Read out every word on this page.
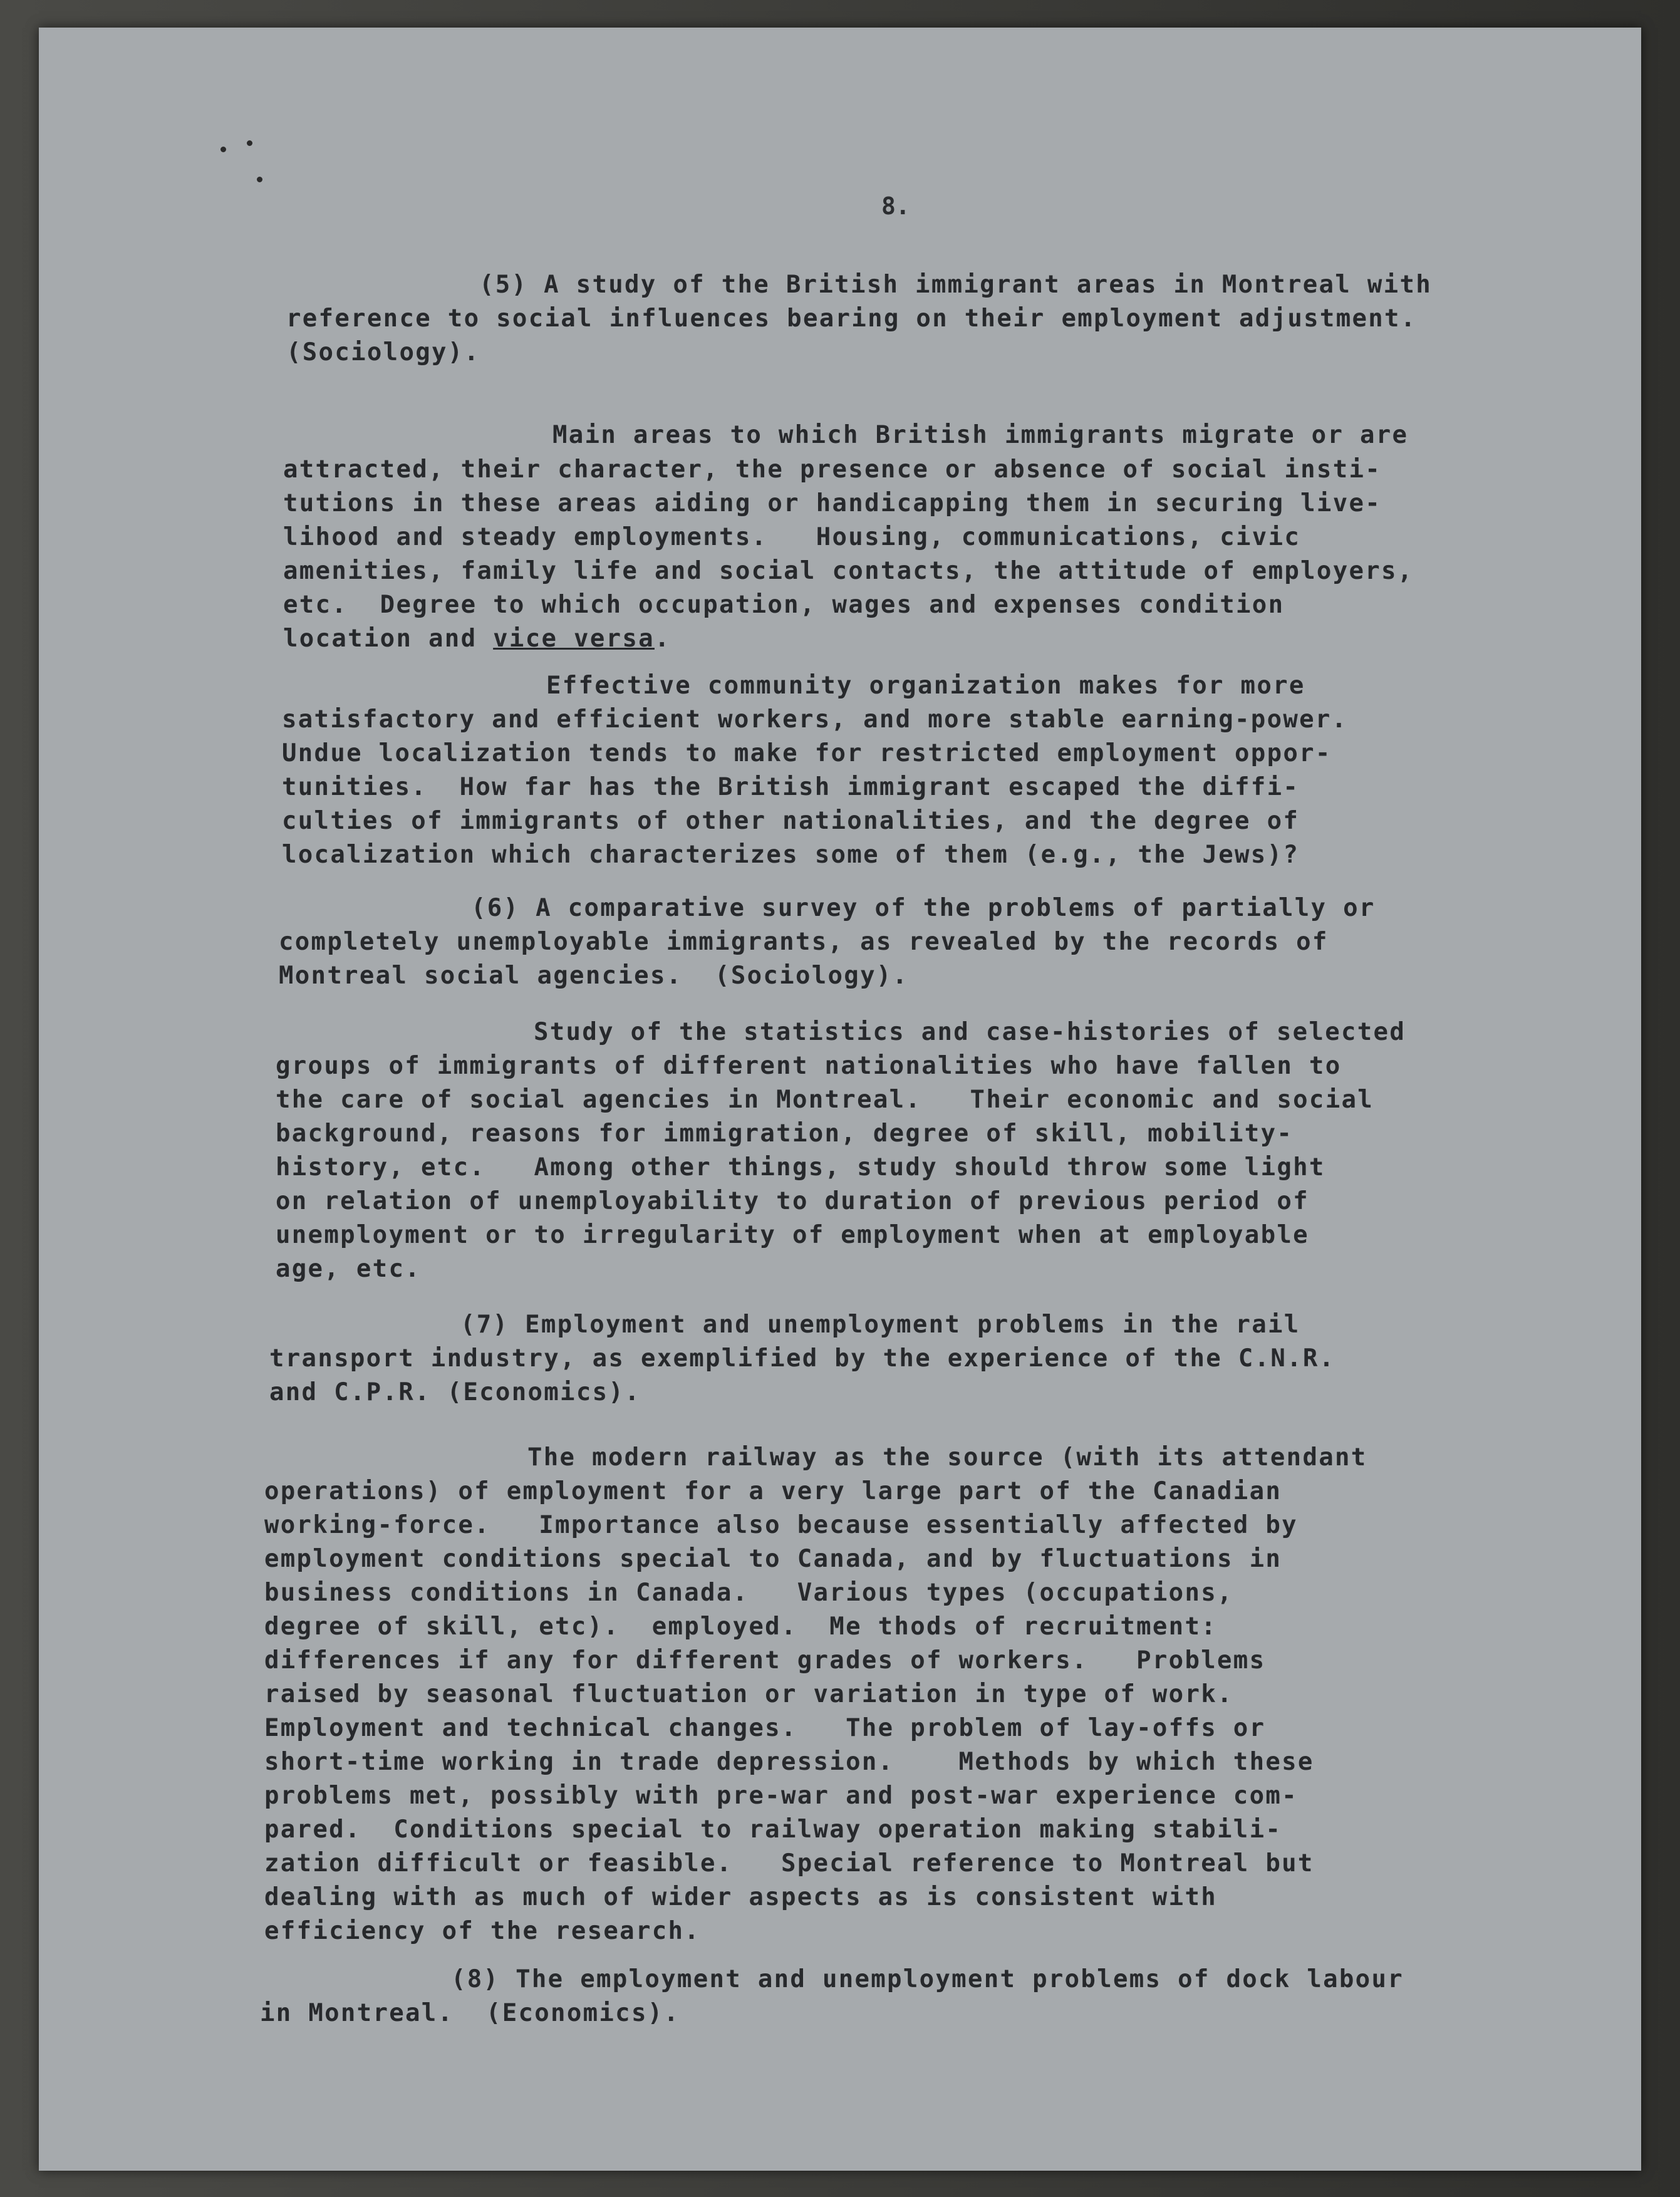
8.
(5) A study of the British immigrant areas in Montreal with
reference to social influences bearing on their employment adjustment.
(Sociology).
Main areas to which British immigrants migrate or are
attracted, their character, the presence or absence of social insti-
tutions in these areas aiding or handicapping them in securing live-
lihood and steady employments.   Housing, communications, civic
amenities, family life and social contacts, the attitude of employers,
etc.  Degree to which occupation, wages and expenses condition
location and vice versa.
Effective community organization makes for more
satisfactory and efficient workers, and more stable earning-power.
Undue localization tends to make for restricted employment oppor-
tunities.  How far has the British immigrant escaped the diffi-
culties of immigrants of other nationalities, and the degree of
localization which characterizes some of them (e.g., the Jews)?
(6) A comparative survey of the problems of partially or
completely unemployable immigrants, as revealed by the records of
Montreal social agencies.  (Sociology).
Study of the statistics and case-histories of selected
groups of immigrants of different nationalities who have fallen to
the care of social agencies in Montreal.   Their economic and social
background, reasons for immigration, degree of skill, mobility-
history, etc.   Among other things, study should throw some light
on relation of unemployability to duration of previous period of
unemployment or to irregularity of employment when at employable
age, etc.
(7) Employment and unemployment problems in the rail
transport industry, as exemplified by the experience of the C.N.R.
and C.P.R. (Economics).
The modern railway as the source (with its attendant
operations) of employment for a very large part of the Canadian
working-force.   Importance also because essentially affected by
employment conditions special to Canada, and by fluctuations in
business conditions in Canada.   Various types (occupations,
degree of skill, etc).  employed.  Me thods of recruitment:
differences if any for different grades of workers.   Problems
raised by seasonal fluctuation or variation in type of work.
Employment and technical changes.   The problem of lay-offs or
short-time working in trade depression.    Methods by which these
problems met, possibly with pre-war and post-war experience com-
pared.  Conditions special to railway operation making stabili-
zation difficult or feasible.   Special reference to Montreal but
dealing with as much of wider aspects as is consistent with
efficiency of the research.
(8) The employment and unemployment problems of dock labour
in Montreal.  (Economics).
